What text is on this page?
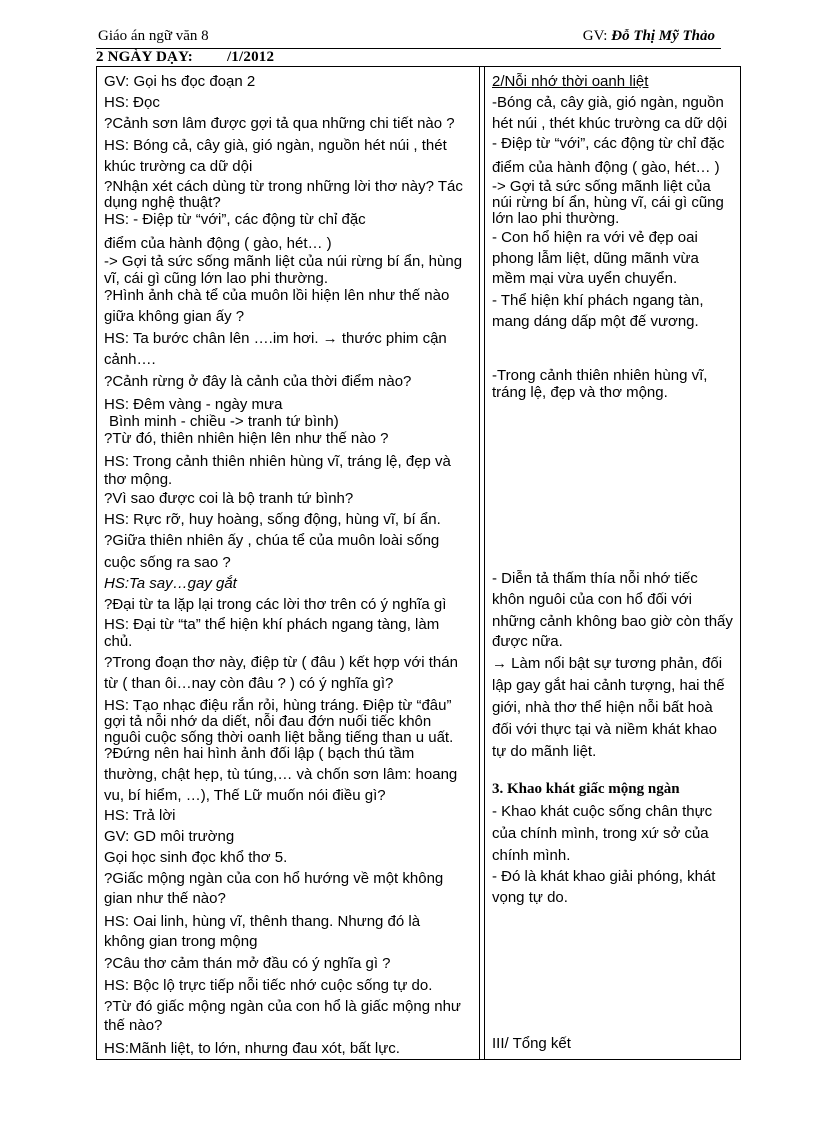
Giáo án ngữ văn 8	GV: Đỗ Thị Mỹ Thảo
2 NGÀY DẠY: /1/2012
GV: Gọi hs đọc đoạn 2
HS: Đọc
?Cảnh sơn lâm được gợi tả qua những chi tiết nào ?
HS: Bóng cả, cây già, gió ngàn, nguồn hét núi , thét
khúc trường ca dữ dội
?Nhận xét cách dùng từ trong những lời thơ này? Tác
dụng nghệ thuật?
HS: - Điệp từ “với”, các động từ chỉ đặc
điểm của hành động ( gào, hét… )
-> Gợi tả sức sống mãnh liệt của núi rừng bí ẩn, hùng
vĩ, cái gì cũng lớn lao phi thường.
?Hình ảnh chà tể của muôn lồi hiện lên như thế nào
giữa không gian ấy ?
HS: Ta bước chân lên ….im hơi. → thước phim cận
cảnh….
?Cảnh rừng ở đây là cảnh của thời điểm nào?
HS: Đêm vàng - ngày mưa
Bình minh - chiều -> tranh tứ bình)
?Từ đó, thiên nhiên hiện lên như thế nào ?
HS: Trong cảnh thiên nhiên hùng vĩ, tráng lệ, đẹp và
thơ mộng.
?Vì sao được coi là bộ tranh tứ bình?
HS: Rực rỡ, huy hoàng, sống động, hùng vĩ, bí ẩn.
?Giữa thiên nhiên ấy , chúa tể của muôn loài sống
cuộc sống ra sao ?
HS:Ta say…gay gắt
?Đại từ ta lặp lại trong các lời thơ trên có ý nghĩa gì
HS: Đại từ “ta” thể hiện khí phách ngang tàng, làm
chủ.
?Trong đoạn thơ này, điệp từ ( đâu ) kết hợp với thán
từ ( than ôi…nay còn đâu ? ) có ý nghĩa gì?
HS: Tạo nhạc điệu rắn rỏi, hùng tráng. Điệp từ “đâu”
gợi tả nỗi nhớ da diết, nỗi đau đớn nuối tiếc khôn
nguôi cuộc sống thời oanh liệt bằng tiếng than u uất.
?Đứng nên hai hình ảnh đối lập ( bạch thú tầm
thường, chật hẹp, tù túng,… và chốn sơn lâm: hoang
vu, bí hiểm, …), Thế Lữ muốn nói điều gì?
HS: Trả lời
GV: GD môi trường
Gọi học sinh đọc khổ thơ 5.
?Giấc mộng ngàn của con hổ hướng về một không
gian như thế nào?
HS: Oai linh, hùng vĩ, thênh thang. Nhưng đó là
không gian trong mộng
?Câu thơ cảm thán mở đầu có ý nghĩa gì ?
HS: Bộc lộ trực tiếp nỗi tiếc nhớ cuộc sống tự do.
?Từ đó giấc mộng ngàn của con hổ là giấc mộng như
thế nào?
HS:Mãnh liệt, to lớn, nhưng đau xót, bất lực.
2/Nỗi nhớ thời oanh liệt
-Bóng cả, cây già, gió ngàn, nguồn
hét núi , thét khúc trường ca dữ dội
- Điệp từ “với”, các động từ chỉ đặc
điểm của hành động ( gào, hét… )
-> Gợi tả sức sống mãnh liệt của
núi rừng bí ẩn, hùng vĩ, cái gì cũng
lớn lao phi thường.
- Con hổ hiện ra với vẻ đẹp oai
phong lẫm liệt, dũng mãnh vừa
mềm mại vừa uyển chuyển.
- Thể hiện khí phách ngang tàn,
mang dáng dấp một đế vương.
-Trong cảnh thiên nhiên hùng vĩ,
tráng lệ, đẹp và thơ mộng.
- Diễn tả thấm thía nỗi nhớ tiếc
khôn nguôi của con hổ đối với
những cảnh không bao giờ còn thấy
được nữa.
→ Làm nổi bật sự tương phản, đối
lập gay gắt hai cảnh tượng, hai thế
giới, nhà thơ thể hiện nỗi bất hoà
đối với thực tại và niềm khát khao
tự do mãnh liệt.
3. Khao khát giấc mộng ngàn
- Khao khát cuộc sống chân thực
của chính mình, trong xứ sở của
chính mình.
- Đó là khát khao giải phóng, khát
vọng tự do.
III/ Tổng kết
